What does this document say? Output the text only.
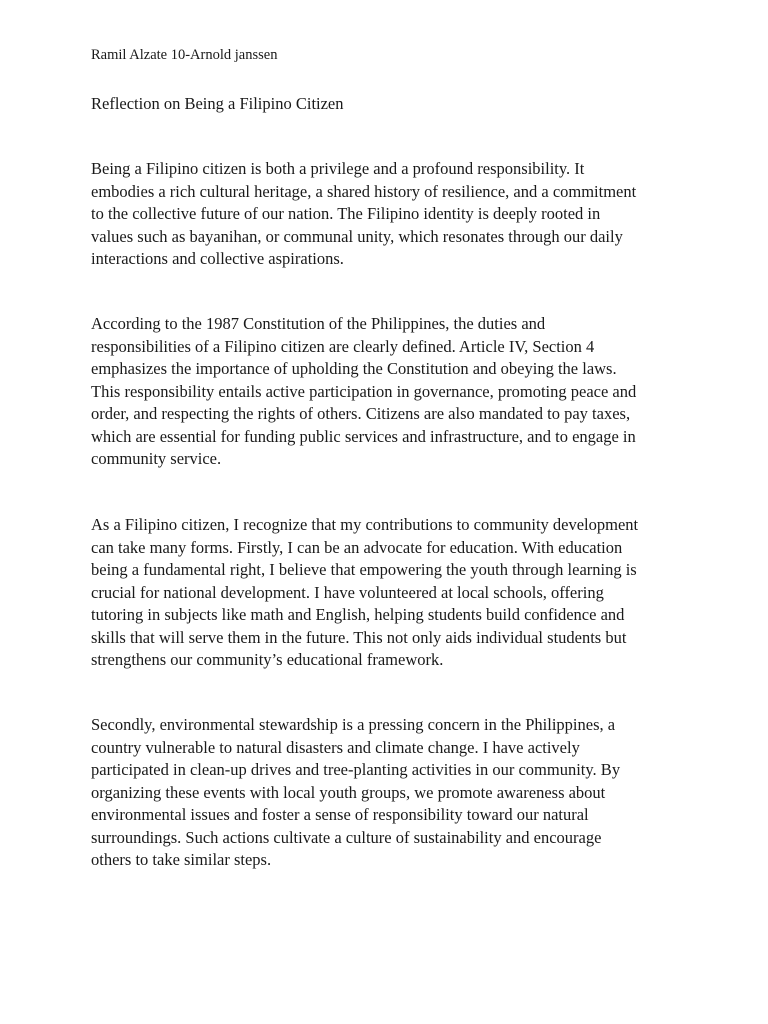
Ramil Alzate 10-Arnold janssen
Reflection on Being a Filipino Citizen

Being a Filipino citizen is both a privilege and a profound responsibility. It
embodies a rich cultural heritage, a shared history of resilience, and a commitment
to the collective future of our nation. The Filipino identity is deeply rooted in
values such as bayanihan, or communal unity, which resonates through our daily
interactions and collective aspirations.

According to the 1987 Constitution of the Philippines, the duties and
responsibilities of a Filipino citizen are clearly defined. Article IV, Section 4
emphasizes the importance of upholding the Constitution and obeying the laws.
This responsibility entails active participation in governance, promoting peace and
order, and respecting the rights of others. Citizens are also mandated to pay taxes,
which are essential for funding public services and infrastructure, and to engage in
community service.

As a Filipino citizen, I recognize that my contributions to community development
can take many forms. Firstly, I can be an advocate for education. With education
being a fundamental right, I believe that empowering the youth through learning is
crucial for national development. I have volunteered at local schools, offering
tutoring in subjects like math and English, helping students build confidence and
skills that will serve them in the future. This not only aids individual students but
strengthens our community’s educational framework.

Secondly, environmental stewardship is a pressing concern in the Philippines, a
country vulnerable to natural disasters and climate change. I have actively
participated in clean-up drives and tree-planting activities in our community. By
organizing these events with local youth groups, we promote awareness about
environmental issues and foster a sense of responsibility toward our natural
surroundings. Such actions cultivate a culture of sustainability and encourage
others to take similar steps.
